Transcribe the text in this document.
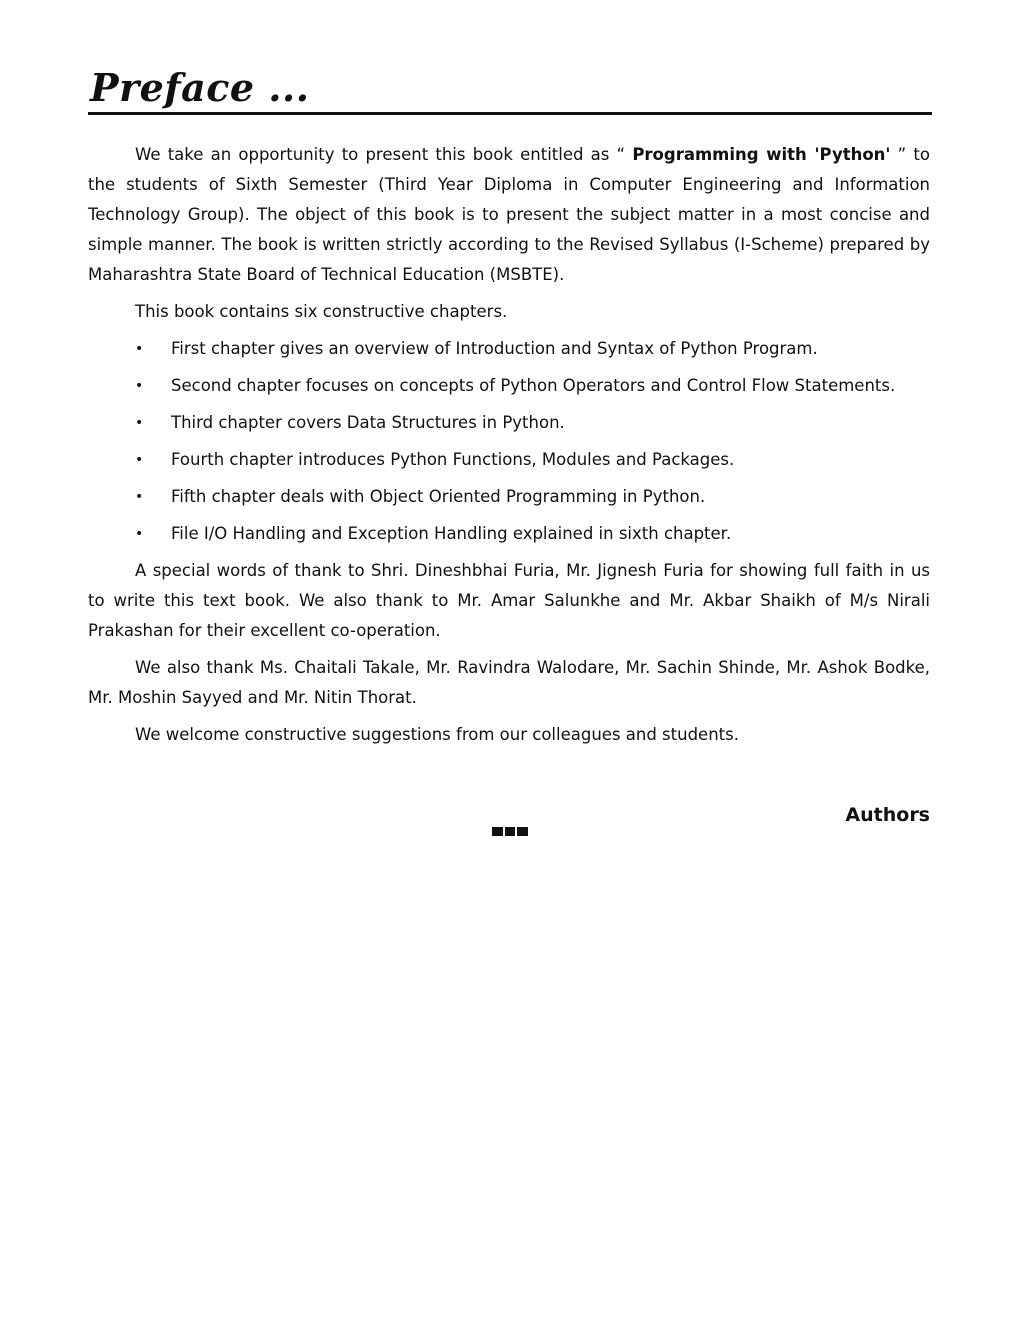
Preface ...

We take an opportunity to present this book entitled as “ Programming with 'Python' ” to the students of Sixth Semester (Third Year Diploma in Computer Engineering and Information Technology Group). The object of this book is to present the subject matter in a most concise and simple manner. The book is written strictly according to the Revised Syllabus (I-Scheme) prepared by Maharashtra State Board of Technical Education (MSBTE).

This book contains six constructive chapters.

• First chapter gives an overview of Introduction and Syntax of Python Program.
• Second chapter focuses on concepts of Python Operators and Control Flow Statements.
• Third chapter covers Data Structures in Python.
• Fourth chapter introduces Python Functions, Modules and Packages.
• Fifth chapter deals with Object Oriented Programming in Python.
• File I/O Handling and Exception Handling explained in sixth chapter.

A special words of thank to Shri. Dineshbhai Furia, Mr. Jignesh Furia for showing full faith in us to write this text book. We also thank to Mr. Amar Salunkhe and Mr. Akbar Shaikh of M/s Nirali Prakashan for their excellent co-operation.

We also thank Ms. Chaitali Takale, Mr. Ravindra Walodare, Mr. Sachin Shinde, Mr. Ashok Bodke, Mr. Moshin Sayyed and Mr. Nitin Thorat.

We welcome constructive suggestions from our colleagues and students.

Authors
